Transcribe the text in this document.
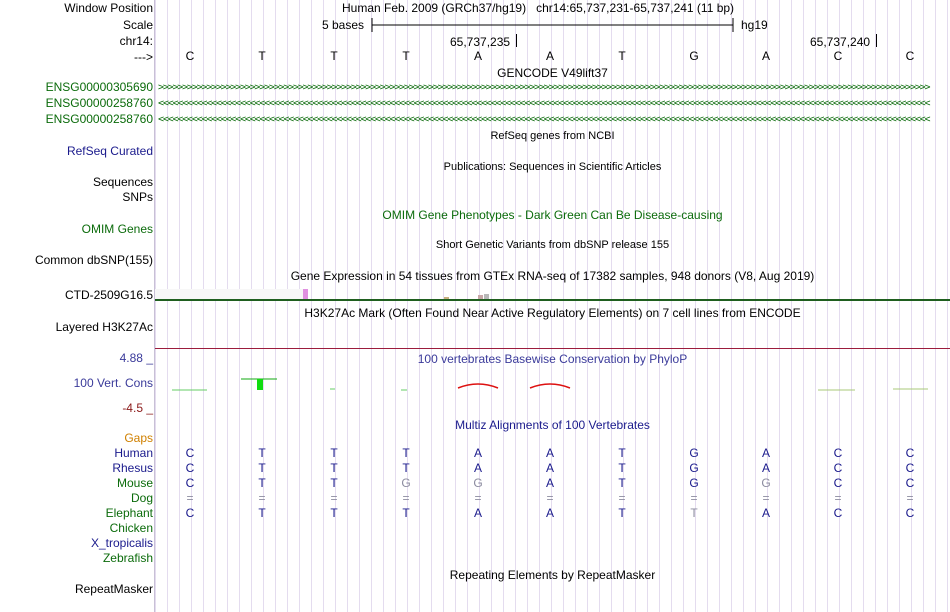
Window Position
Scale
chr14:
--->
Human Feb. 2009 (GRCh37/hg19) chr14:65,737,231-65,737,241 (11 bp)
5 bases	hg19
65,737,235	65,737,240
C	T	T	T	A	A	T	G	A	C	C
GENCODE V49lift37
ENSG00000305690
ENSG00000258760
ENSG00000258760
>>>>>>>>>>>>>>>>>>>>>>>>>>>>>>>>>>>>>>>>>>>>>>>>>>>>>>>>>>>>>>>>>>>>>>>>>>>>>>>>>>>>>>>>>>>>>>>>>>>>>>>>>>>>>>>>>>>>>>>>>>>>>>>>>>>>>>>>>>>>>>>>>>>>>>>>>>>>>>>>
<<<<<<<<<<<<<<<<<<<<<<<<<<<<<<<<<<<<<<<<<<<<<<<<<<<<<<<<<<<<<<<<<<<<<<<<<<<<<<<<<<<<<<<<<<<<<<<<<<<<<<<<<<<<<<<<<<<<<<<<<<<<<<<<<<<<<<<<<<<<<<<<<<<<<<<<<<<<<<<<
<<<<<<<<<<<<<<<<<<<<<<<<<<<<<<<<<<<<<<<<<<<<<<<<<<<<<<<<<<<<<<<<<<<<<<<<<<<<<<<<<<<<<<<<<<<<<<<<<<<<<<<<<<<<<<<<<<<<<<<<<<<<<<<<<<<<<<<<<<<<<<<<<<<<<<<<<<<<<<<<
RefSeq genes from NCBI
RefSeq Curated
Publications: Sequences in Scientific Articles
Sequences
SNPs
OMIM Gene Phenotypes - Dark Green Can Be Disease-causing
OMIM Genes
Short Genetic Variants from dbSNP release 155
Common dbSNP(155)
Gene Expression in 54 tissues from GTEx RNA-seq of 17382 samples, 948 donors (V8, Aug 2019)
CTD-2509G16.5
H3K27Ac Mark (Often Found Near Active Regulatory Elements) on 7 cell lines from ENCODE
Layered H3K27Ac
100 vertebrates Basewise Conservation by PhyloP
4.88 _
100 Vert. Cons
-4.5 _
Multiz Alignments of 100 Vertebrates
Gaps
Human	C	T	T	T	A	A	T	G	A	C	C
Rhesus	C	T	T	T	A	A	T	G	A	C	C
Mouse	C	T	T	G	G	A	T	G	G	C	C
Dog	=	=	=	=	=	=	=	=	=	=	=
Elephant	C	T	T	T	A	A	T	T	A	C	C
Chicken
X_tropicalis
Zebrafish
Repeating Elements by RepeatMasker
RepeatMasker
